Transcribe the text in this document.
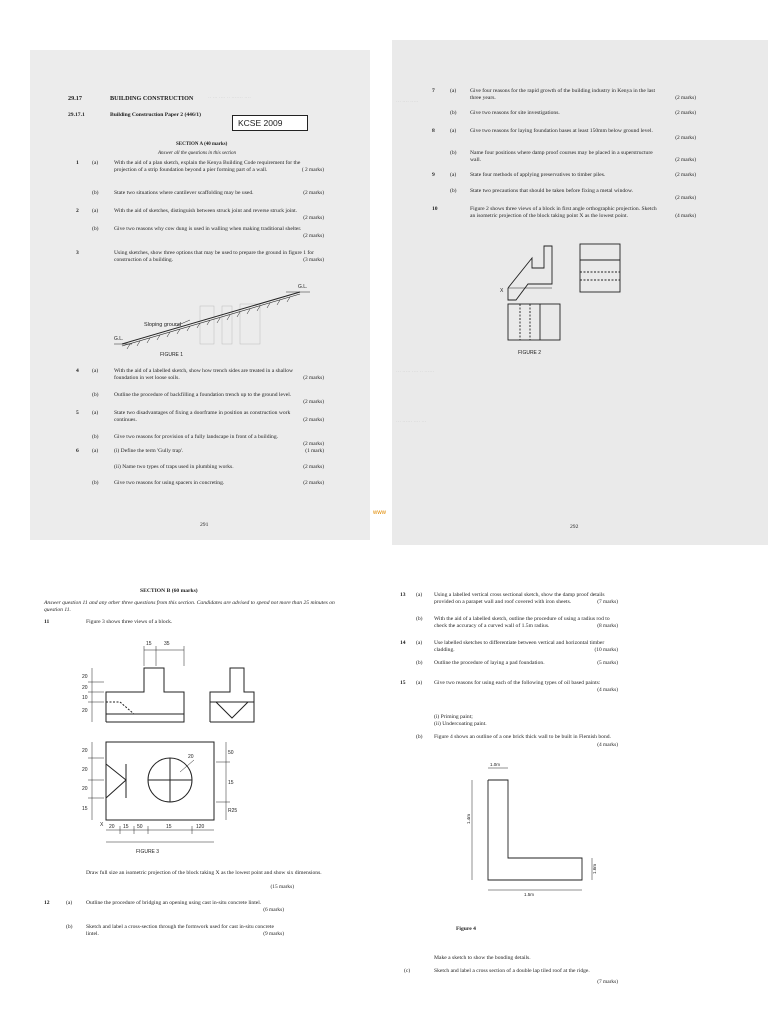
·· ··· ···· ·· ······· ····
29.17	BUILDING CONSTRUCTION
29.17.1	Building Construction Paper 2 (446/1)
KCSE 2009
SECTION A (40 marks)
Answer all the questions in this section
1 (a)	With the aid of a plan sketch, explain the Kenya Building Code requirement for the projection of a strip foundation beyond a pier forming part of a wall.	( 2 marks)
(b)	State two situations where cantilever scaffolding may be used.	(2 marks)
2 (a)	With the aid of sketches, distinguish between struck joint and reverse struck joint.
(2 marks)
(b)	Give two reasons why cow dung is used in walling when making traditional shelter.
(2 marks)
3	Using sketches, show three options that may be used to prepare the ground in figure 1 for construction of a building.	(3 marks)
Sloping ground
G.L.
G.L.
FIGURE 1
4 (a)	With the aid of a labelled sketch, show how trench sides are treated in a shallow foundation in wet loose soils.	(2 marks)
(b)	Outline the procedure of backfilling a foundation trench up to the ground level.
(2 marks)
5 (a)	State two disadvantages of fixing a doorframe in position as construction work continues.	(2 marks)
(b)	Give two reasons for provision of a fully landscape in front of a building.
(2 marks)
6 (a)	(i) Define the term 'Gully trap'.	(1 mark)
(ii) Name two types of traps used in plumbing works.	(2 marks)
(b)	Give two reasons for using spacers in concreting.	(2 marks)
291
··· ···· ·····
··· ····· ···· ·· ······
··· ······ ···· ···
7	(a) Give four reasons for the rapid growth of the building industry in Kenya in the last three years.	(2 marks)
(b) Give two reasons for site investigations.	(2 marks)
8	(a) Give two reasons for laying foundation bases at least 150mm below ground level.
(2 marks)
(b) Name four positions where damp proof courses may be placed in a superstructure wall.	(2 marks)
9	(a) State four methods of applying preservatives to timber piles.	(2 marks)
(b) State two precautions that should be taken before fixing a metal window.
(2 marks)
10	Figure 2 shows three views of a block in first angle orthographic projection. Sketch an isometric projection of the block taking point X as the lowest point.	(4 marks)
X
FIGURE 2
292
www
SECTION B (60 marks)
Answer question 11 and any other three questions from this section. Candidates are advised to spend not more than 25 minutes on question 11.
11	Figure 3 shows three views of a block.
15 35
20
20
10
20
20
20
20
15
50
15
R25
20
20 15 50	15	120
X
FIGURE 3
Draw full size an isometric projection of the block taking X as the lowest point and show six dimensions.
(15 marks)
12	(a) Outline the procedure of bridging an opening using cast in-situ concrete lintel.
(6 marks)
(b) Sketch and label a cross-section through the formwork used for cast in-situ concrete lintel.	(9 marks)
13 (a) Using a labelled vertical cross sectional sketch, show the damp proof details provided on a parapet wall and roof covered with iron sheets.	(7 marks)
(b) With the aid of a labelled sketch, outline the procedure of using a radius rod to check the accuracy of a curved wall of 1.5m radius.	(8 marks)
14 (a) Use labelled sketches to differentiate between vertical and horizontal timber cladding.	(10 marks)
(b) Outline the procedure of laying a pad foundation.	(5 marks)
15 (a) Give two reasons for using each of the following types of oil based paints:
(4 marks)
(i) Priming paint;
(ii) Undercoating paint.
(b) Figure 4 shows an outline of a one brick thick wall to be built in Flemish bond.
(4 marks)
1.0m
1.4m
1.5m
1.6m
Figure 4
Make a sketch to show the bonding details.
(c)	Sketch and label a cross section of a double lap tiled roof at the ridge.
(7 marks)
